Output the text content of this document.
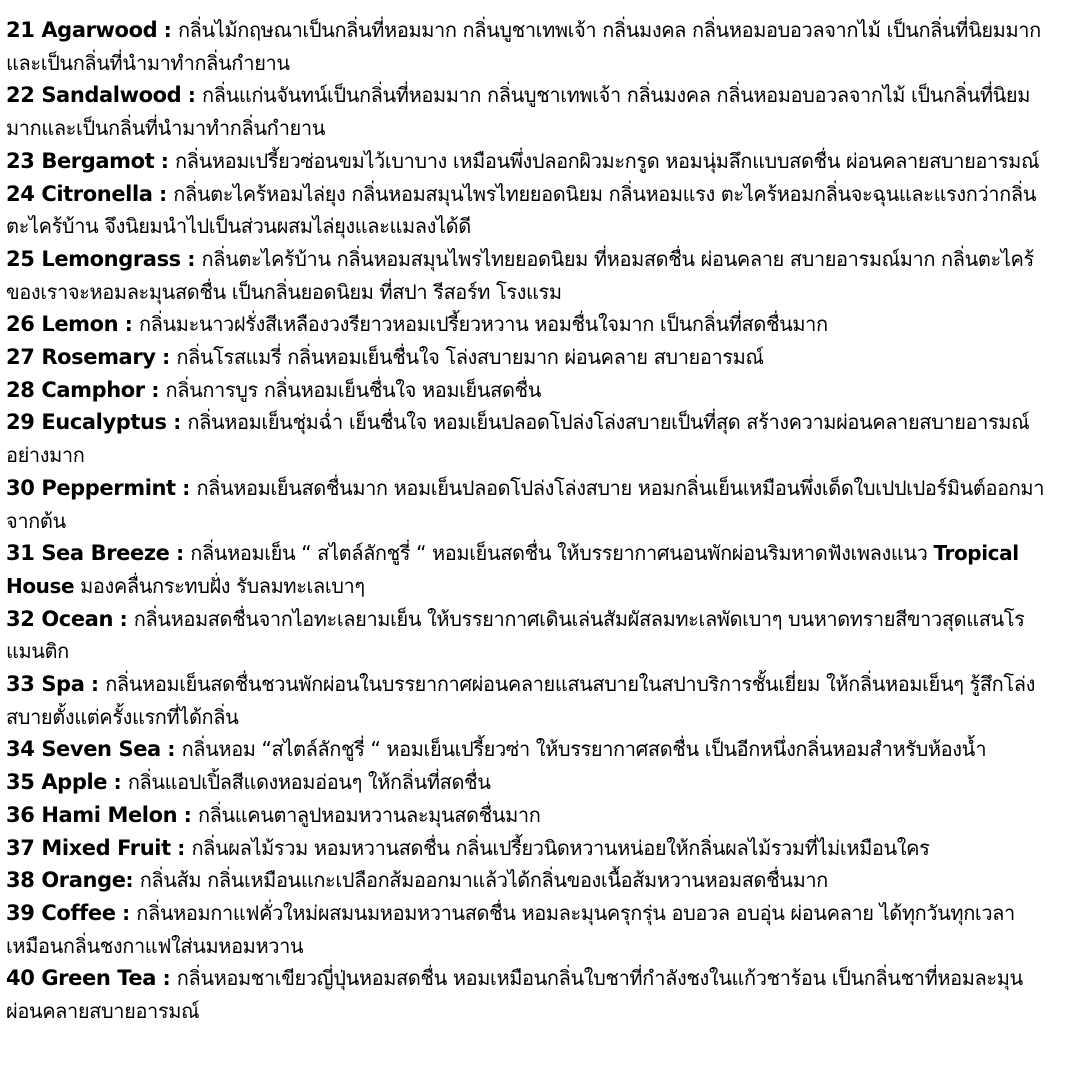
21 Agarwood : กลิ่นไม้กฤษณาเป็นกลิ่นที่หอมมาก กลิ่นบูชาเทพเจ้า กลิ่นมงคล กลิ่นหอมอบอวลจากไม้ เป็นกลิ่นที่นิยมมากและเป็นกลิ่นที่นำมาทำกลิ่นกำยาน
22 Sandalwood : กลิ่นแก่นจันทน์เป็นกลิ่นที่หอมมาก กลิ่นบูชาเทพเจ้า กลิ่นมงคล กลิ่นหอมอบอวลจากไม้ เป็นกลิ่นที่นิยมมากและเป็นกลิ่นที่นำมาทำกลิ่นกำยาน
23 Bergamot : กลิ่นหอมเปรี้ยวซ่อนขมไว้เบาบาง เหมือนพึ่งปลอกผิวมะกรูด หอมนุ่มลึกแบบสดชื่น ผ่อนคลายสบายอารมณ์
24 Citronella : กลิ่นตะไคร้หอมไล่ยุง กลิ่นหอมสมุนไพรไทยยอดนิยม กลิ่นหอมแรง ตะไคร้หอมกลิ่นจะฉุนและแรงกว่ากลิ่นตะไคร้บ้าน จึงนิยมนำไปเป็นส่วนผสมไล่ยุงและแมลงได้ดี
25 Lemongrass : กลิ่นตะไคร้บ้าน กลิ่นหอมสมุนไพรไทยยอดนิยม ที่หอมสดชื่น ผ่อนคลาย สบายอารมณ์มาก กลิ่นตะไคร้ของเราจะหอมละมุนสดชื่น เป็นกลิ่นยอดนิยม ที่สปา รีสอร์ท โรงแรม
26 Lemon : กลิ่นมะนาวฝรั่งสีเหลืองวงรียาวหอมเปรี้ยวหวาน หอมชื่นใจมาก เป็นกลิ่นที่สดชื่นมาก
27 Rosemary : กลิ่นโรสแมรี่ กลิ่นหอมเย็นชื่นใจ โล่งสบายมาก ผ่อนคลาย สบายอารมณ์
28 Camphor : กลิ่นการบูร กลิ่นหอมเย็นชื่นใจ หอมเย็นสดชื่น
29 Eucalyptus : กลิ่นหอมเย็นชุ่มฉ่ำ เย็นชื่นใจ หอมเย็นปลอดโปล่งโล่งสบายเป็นที่สุด สร้างความผ่อนคลายสบายอารมณ์อย่างมาก
30 Peppermint : กลิ่นหอมเย็นสดชื่นมาก หอมเย็นปลอดโปล่งโล่งสบาย หอมกลิ่นเย็นเหมือนพึ่งเด็ดใบเปปเปอร์มินต์ออกมาจากต้น
31 Sea Breeze : กลิ่นหอมเย็น “ สไตล์ลักชูรี่ “ หอมเย็นสดชื่น ให้บรรยากาศนอนพักผ่อนริมหาดฟังเพลงแนว Tropical House มองคลื่นกระทบฝั่ง รับลมทะเลเบาๆ
32 Ocean : กลิ่นหอมสดชื่นจากไอทะเลยามเย็น ให้บรรยากาศเดินเล่นสัมผัสลมทะเลพัดเบาๆ บนหาดทรายสีขาวสุดแสนโรแมนติก
33 Spa : กลิ่นหอมเย็นสดชื่นชวนพักผ่อนในบรรยากาศผ่อนคลายแสนสบายในสปาบริการชั้นเยี่ยม ให้กลิ่นหอมเย็นๆ รู้สึกโล่งสบายตั้งแต่ครั้งแรกที่ได้กลิ่น
34 Seven Sea : กลิ่นหอม “สไตล์ลักชูรี่ “ หอมเย็นเปรี้ยวซ่า ให้บรรยากาศสดชื่น เป็นอีกหนึ่งกลิ่นหอมสำหรับห้องน้ำ
35 Apple : กลิ่นแอปเปิ้ลสีแดงหอมอ่อนๆ ให้กลิ่นที่สดชื่น
36 Hami Melon : กลิ่นแคนตาลูปหอมหวานละมุนสดชื่นมาก
37 Mixed Fruit : กลิ่นผลไม้รวม หอมหวานสดชื่น กลิ่นเปรี้ยวนิดหวานหน่อยให้กลิ่นผลไม้รวมที่ไม่เหมือนใคร
38 Orange: กลิ่นส้ม กลิ่นเหมือนแกะเปลือกส้มออกมาแล้วได้กลิ่นของเนื้อส้มหวานหอมสดชื่นมาก
39 Coffee : กลิ่นหอมกาแฟคั่วใหม่ผสมนมหอมหวานสดชื่น หอมละมุนครุกรุ่น อบอวล อบอุ่น ผ่อนคลาย ได้ทุกวันทุกเวลาเหมือนกลิ่นชงกาแฟใส่นมหอมหวาน
40 Green Tea : กลิ่นหอมชาเขียวญี่ปุ่นหอมสดชื่น หอมเหมือนกลิ่นใบชาที่กำลังชงในแก้วชาร้อน เป็นกลิ่นชาที่หอมละมุนผ่อนคลายสบายอารมณ์
